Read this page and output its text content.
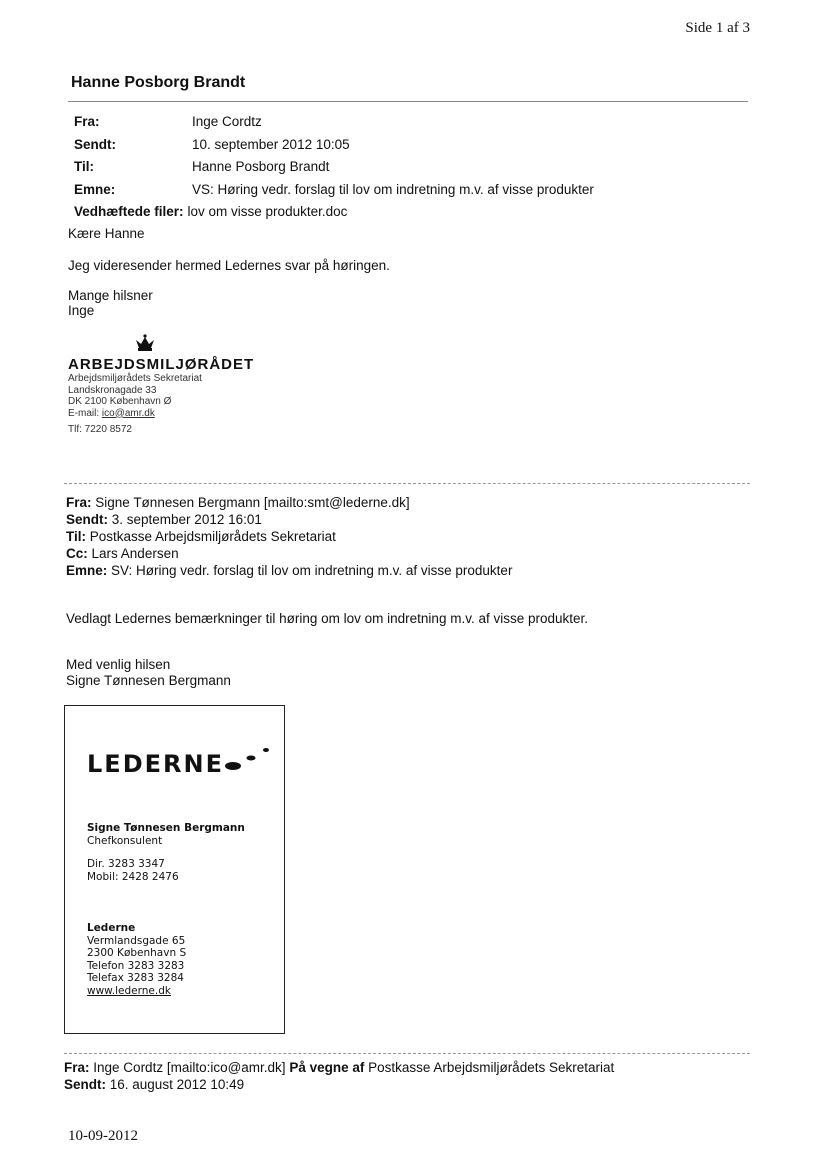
Side 1 af 3
Hanne Posborg Brandt
Fra:	Inge Cordtz
Sendt:	10. september 2012 10:05
Til:	Hanne Posborg Brandt
Emne:	VS: Høring vedr. forslag til lov om indretning m.v. af visse produkter
Vedhæftede filer: lov om visse produkter.doc
Kære Hanne
Jeg videresender hermed Ledernes svar på høringen.
Mange hilsner
Inge
ARBEJDSMILJØRÅDET
Arbejdsmiljørådets Sekretariat
Landskronagade 33
DK 2100 København Ø
E-mail: ico@amr.dk
Tlf: 7220 8572
Fra: Signe Tønnesen Bergmann [mailto:smt@lederne.dk]
Sendt: 3. september 2012 16:01
Til: Postkasse Arbejdsmiljørådets Sekretariat
Cc: Lars Andersen
Emne: SV: Høring vedr. forslag til lov om indretning m.v. af visse produkter
Vedlagt Ledernes bemærkninger til høring om lov om indretning m.v. af visse produkter.
Med venlig hilsen
Signe Tønnesen Bergmann
LEDERNE
Signe Tønnesen Bergmann
Chefkonsulent
Dir. 3283 3347
Mobil: 2428 2476
Lederne
Vermlandsgade 65
2300 København S
Telefon 3283 3283
Telefax 3283 3284
www.lederne.dk
Fra: Inge Cordtz [mailto:ico@amr.dk] På vegne af Postkasse Arbejdsmiljørådets Sekretariat
Sendt: 16. august 2012 10:49
10-09-2012
